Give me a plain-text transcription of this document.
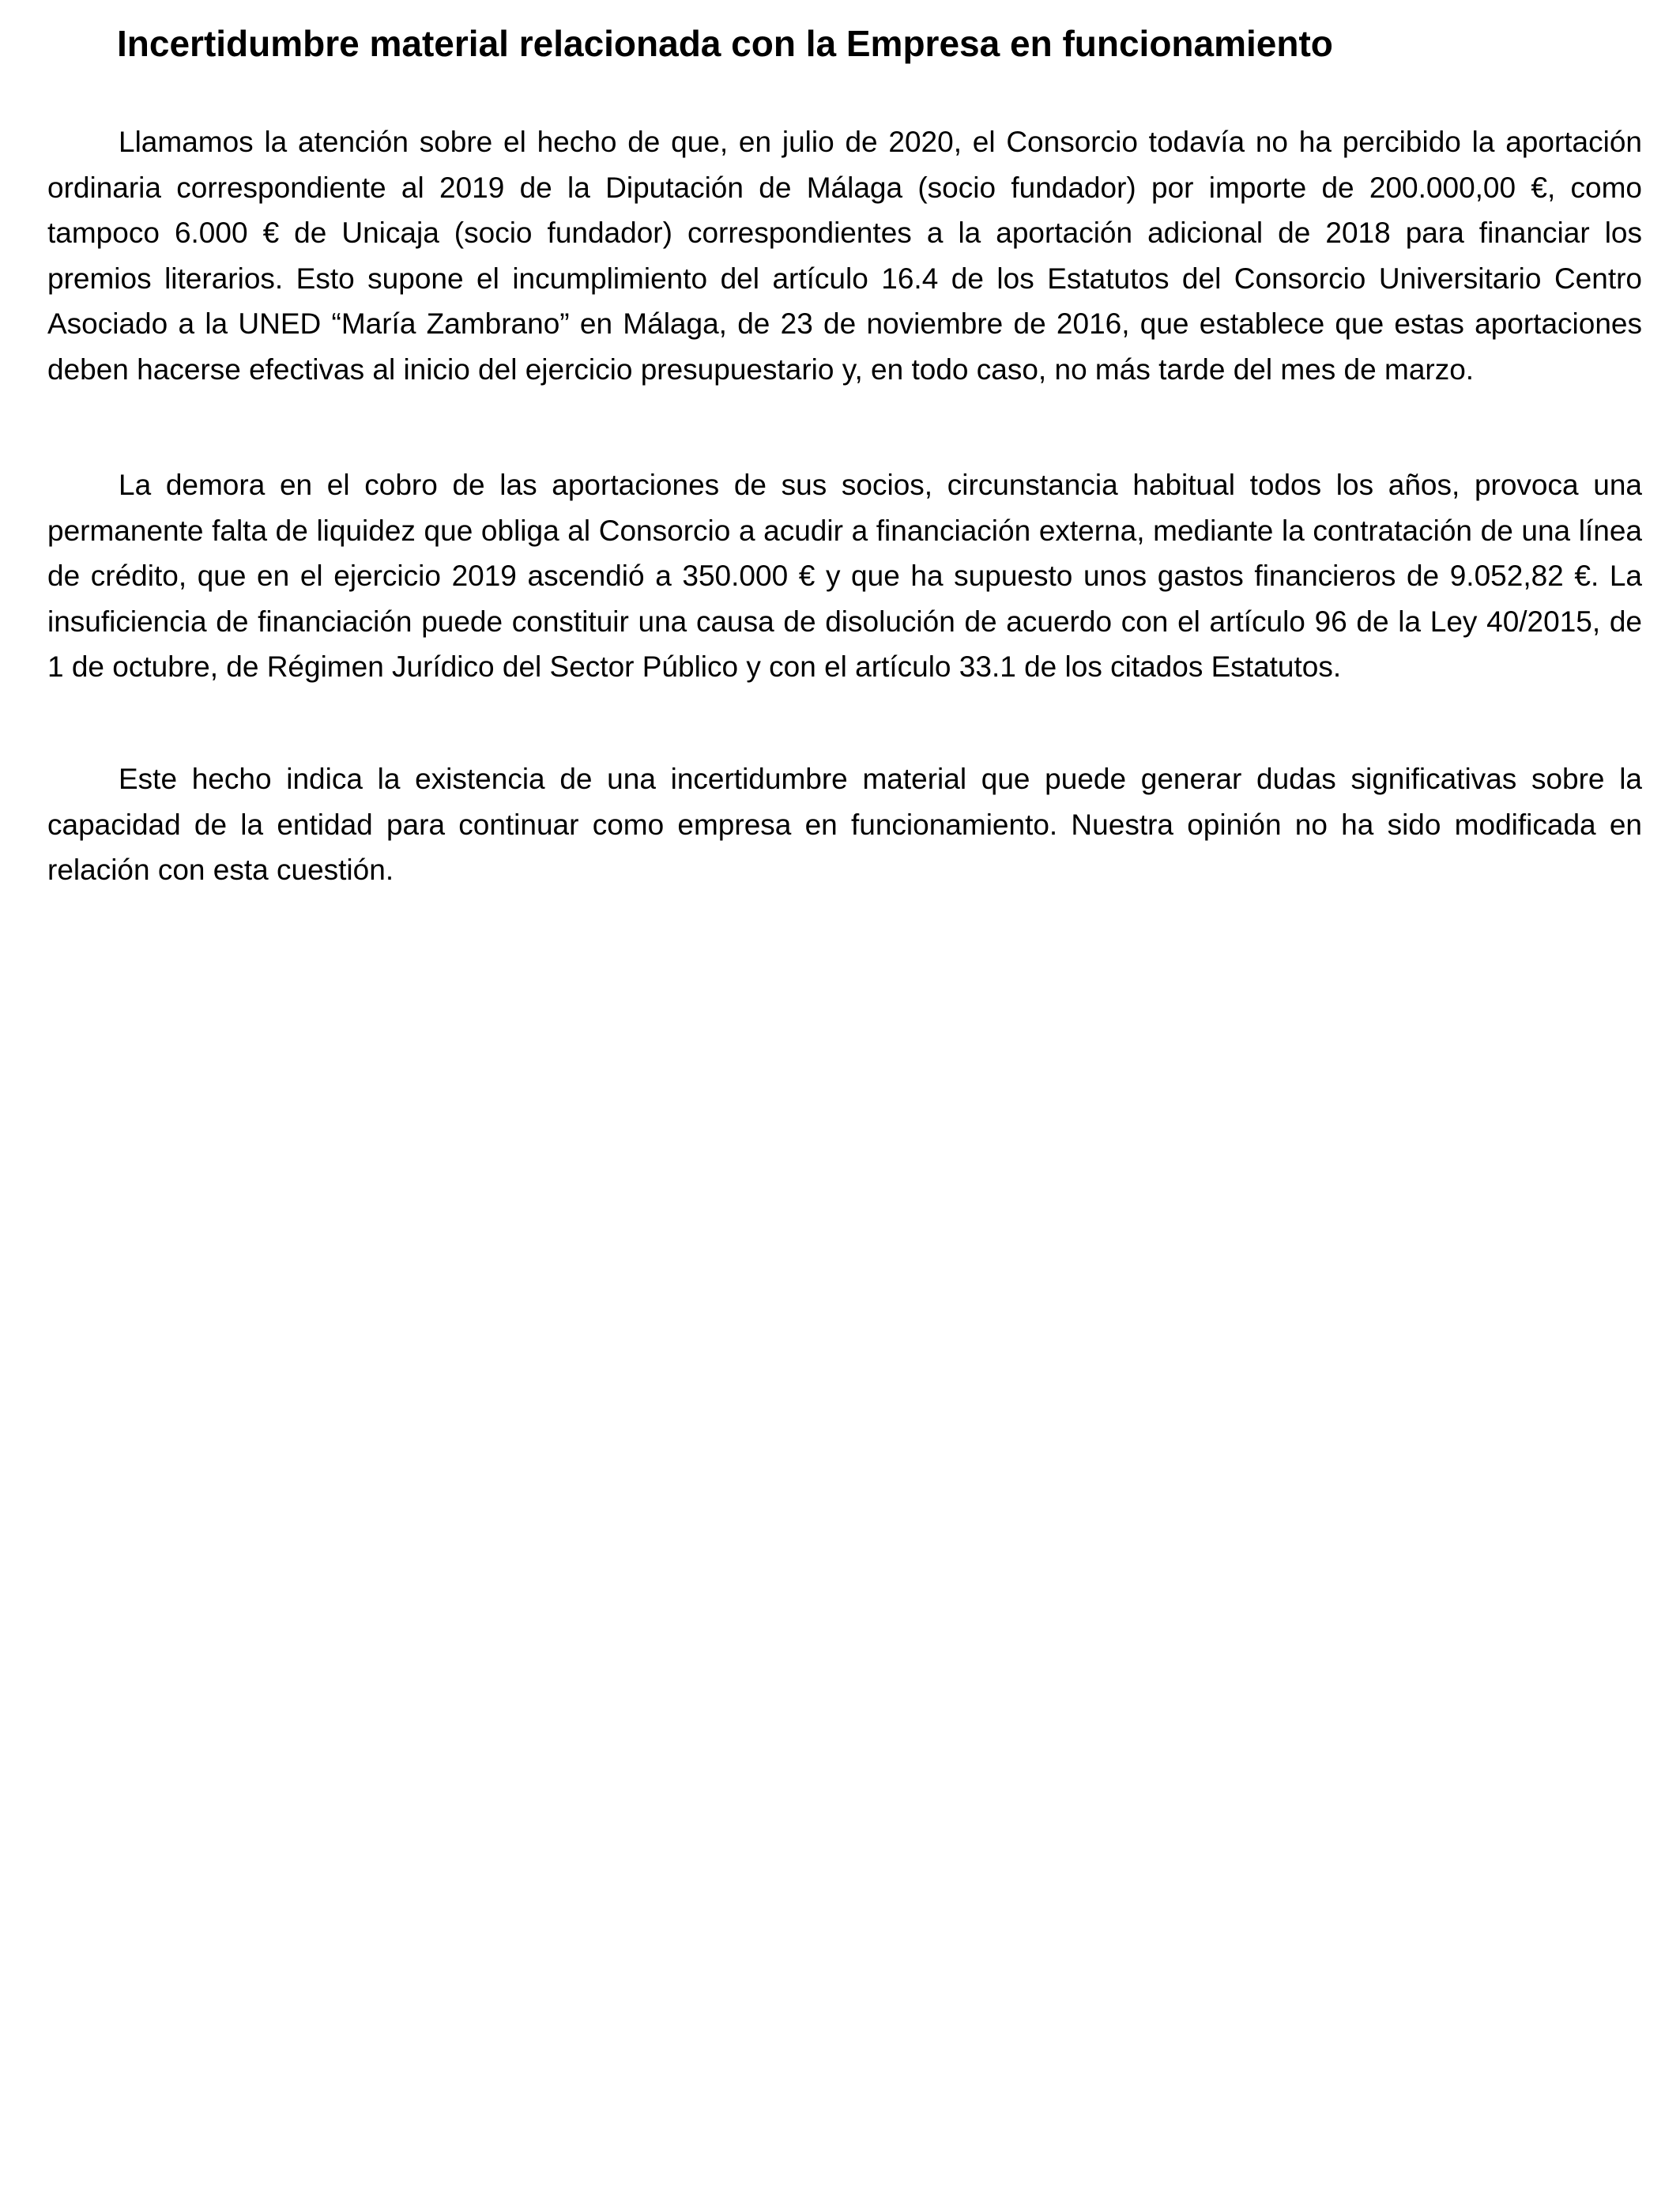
Incertidumbre material relacionada con la Empresa en funcionamiento

Llamamos la atención sobre el hecho de que, en julio de 2020, el Consorcio todavía no ha percibido la aportación ordinaria correspondiente al 2019 de la Diputación de Málaga (socio fundador) por importe de 200.000,00 €, como tampoco 6.000 € de Unicaja (socio fundador) correspondientes a la aportación adicional de 2018 para financiar los premios literarios. Esto supone el incumplimiento del artículo 16.4 de los Estatutos del Consorcio Universitario Centro Asociado a la UNED “María Zambrano” en Málaga, de 23 de noviembre de 2016, que establece que estas aportaciones deben hacerse efectivas al inicio del ejercicio presupuestario y, en todo caso, no más tarde del mes de marzo.

La demora en el cobro de las aportaciones de sus socios, circunstancia habitual todos los años, provoca una permanente falta de liquidez que obliga al Consorcio a acudir a financiación externa, mediante la contratación de una línea de crédito, que en el ejercicio 2019 ascendió a 350.000 € y que ha supuesto unos gastos financieros de 9.052,82 €. La insuficiencia de financiación puede constituir una causa de disolución de acuerdo con el artículo 96 de la Ley 40/2015, de 1 de octubre, de Régimen Jurídico del Sector Público y con el artículo 33.1 de los citados Estatutos.

Este hecho indica la existencia de una incertidumbre material que puede generar dudas significativas sobre la capacidad de la entidad para continuar como empresa en funcionamiento. Nuestra opinión no ha sido modificada en relación con esta cuestión.
